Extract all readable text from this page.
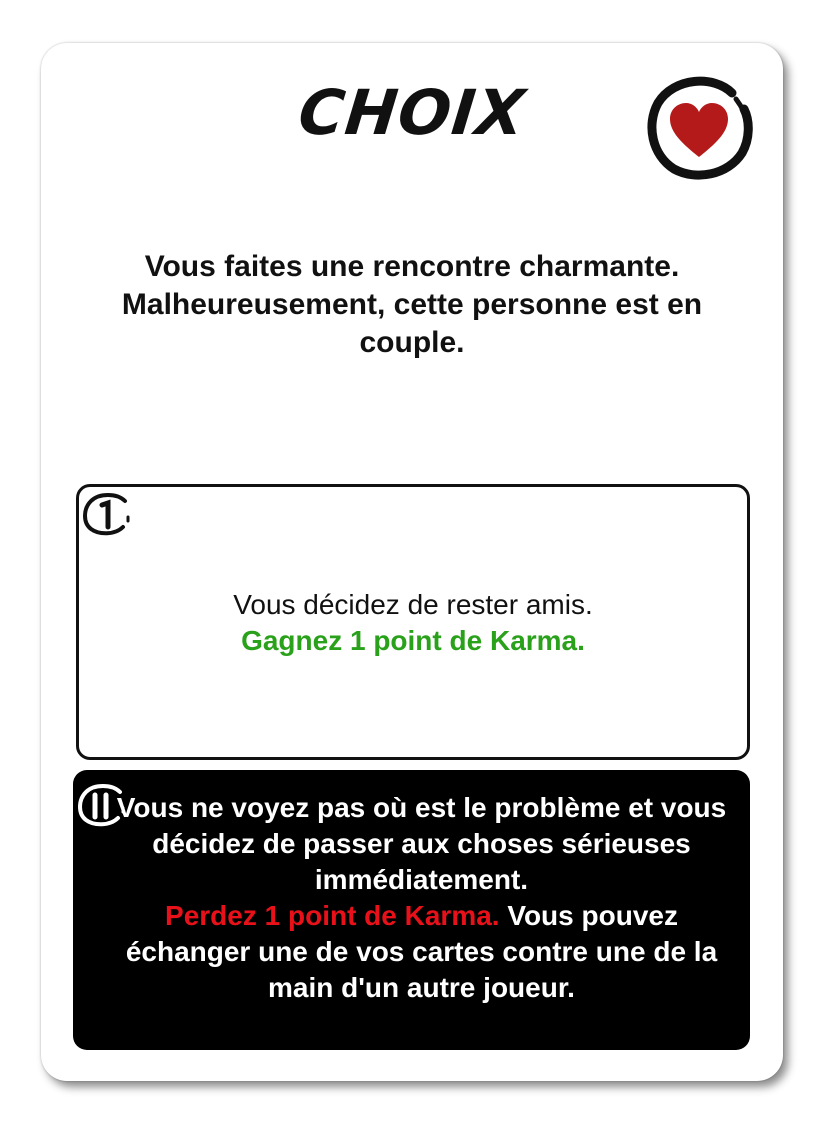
CHOIX
Vous faites une rencontre charmante. Malheureusement, cette personne est en couple.
Vous décidez de rester amis.
Gagnez 1 point de Karma.
Vous ne voyez pas où est le problème et vous décidez de passer aux choses sérieuses immédiatement.
Perdez 1 point de Karma. Vous pouvez échanger une de vos cartes contre une de la main d'un autre joueur.
